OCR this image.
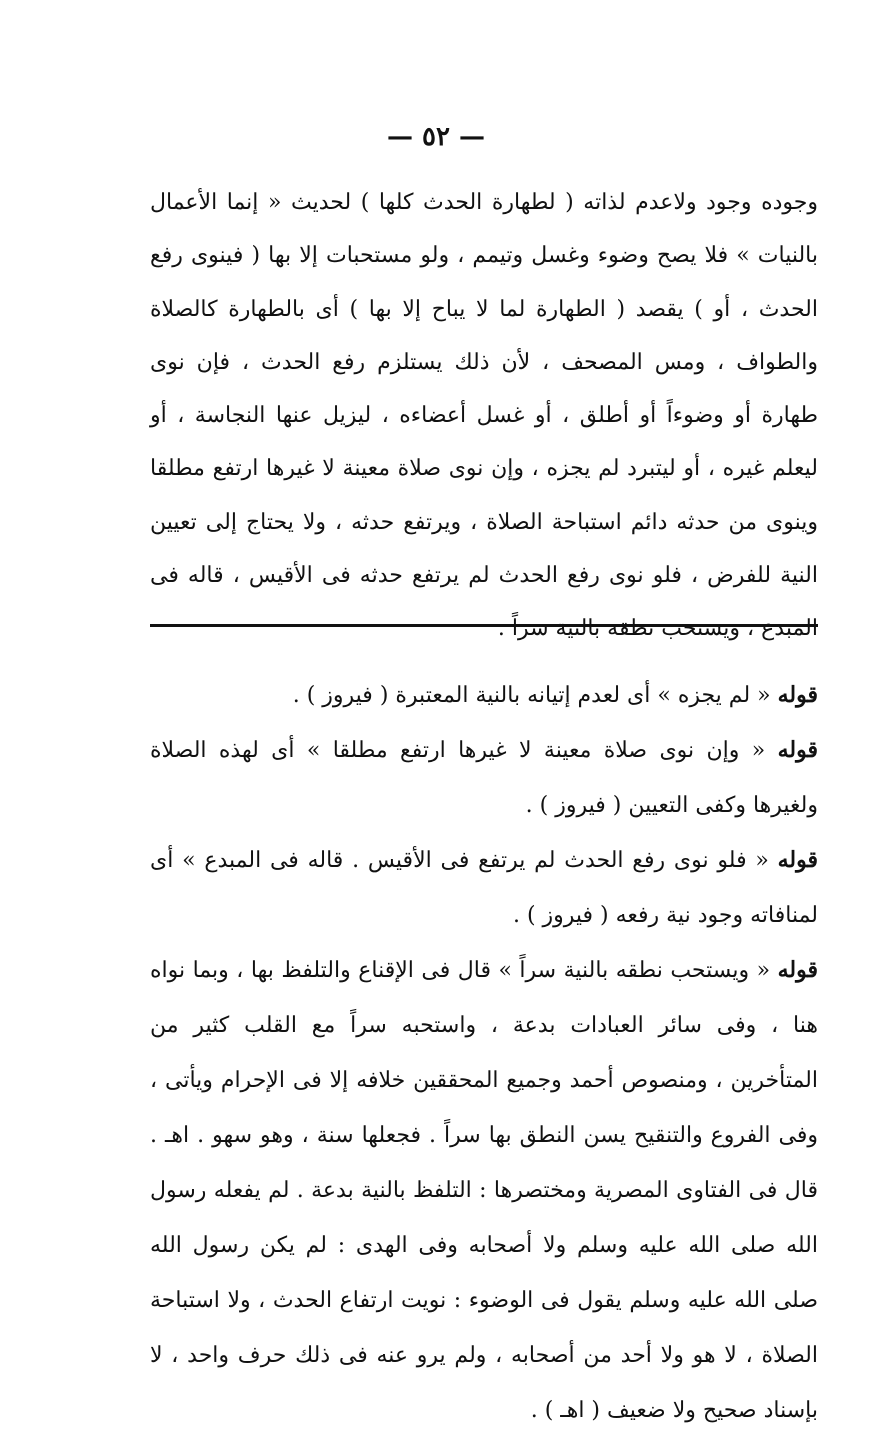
— ٥٢ —

وجوده وجود ولاعدم لذاته ( لطهارة الحدث كلها ) لحديث « إنما الأعمال بالنيات » فلا يصح وضوء وغسل وتيمم ، ولو مستحبات إلا بها ( فينوى رفع الحدث ، أو ) يقصد ( الطهارة لما لا يباح إلا بها ) أى بالطهارة كالصلاة والطواف ، ومس المصحف ، لأن ذلك يستلزم رفع الحدث ، فإن نوى طهارة أو وضوءاً أو أطلق ، أو غسل أعضاءه ، ليزيل عنها النجاسة ، أو ليعلم غيره ، أو ليتبرد لم يجزه ، وإن نوى صلاة معينة لا غيرها ارتفع مطلقا وينوى من حدثه دائم استباحة الصلاة ، ويرتفع حدثه ، ولا يحتاج إلى تعيين النية للفرض ، فلو نوى رفع الحدث لم يرتفع حدثه فى الأقيس ، قاله فى المبدع ، ويستحب نطقه بالنية سراً .

قوله « لم يجزه » أى لعدم إتيانه بالنية المعتبرة ( فيروز ) .

قوله « وإن نوى صلاة معينة لا غيرها ارتفع مطلقا » أى لهذه الصلاة ولغيرها وكفى التعيين ( فيروز ) .

قوله « فلو نوى رفع الحدث لم يرتفع فى الأقيس . قاله فى المبدع » أى لمنافاته وجود نية رفعه ( فيروز ) .

قوله « ويستحب نطقه بالنية سراً » قال فى الإقناع والتلفظ بها ، وبما نواه هنا ، وفى سائر العبادات بدعة ، واستحبه سراً مع القلب كثير من المتأخرين ، ومنصوص أحمد وجميع المحققين خلافه إلا فى الإحرام ويأتى ، وفى الفروع والتنقيح يسن النطق بها سراً . فجعلها سنة ، وهو سهو . اهـ . قال فى الفتاوى المصرية ومختصرها : التلفظ بالنية بدعة . لم يفعله رسول الله صلى الله عليه وسلم ولا أصحابه وفى الهدى : لم يكن رسول الله صلى الله عليه وسلم يقول فى الوضوء : نويت ارتفاع الحدث ، ولا استباحة الصلاة ، لا هو ولا أحد من أصحابه ، ولم يرو عنه فى ذلك حرف واحد ، لا بإسناد صحيح ولا ضعيف ( اهـ ) .
